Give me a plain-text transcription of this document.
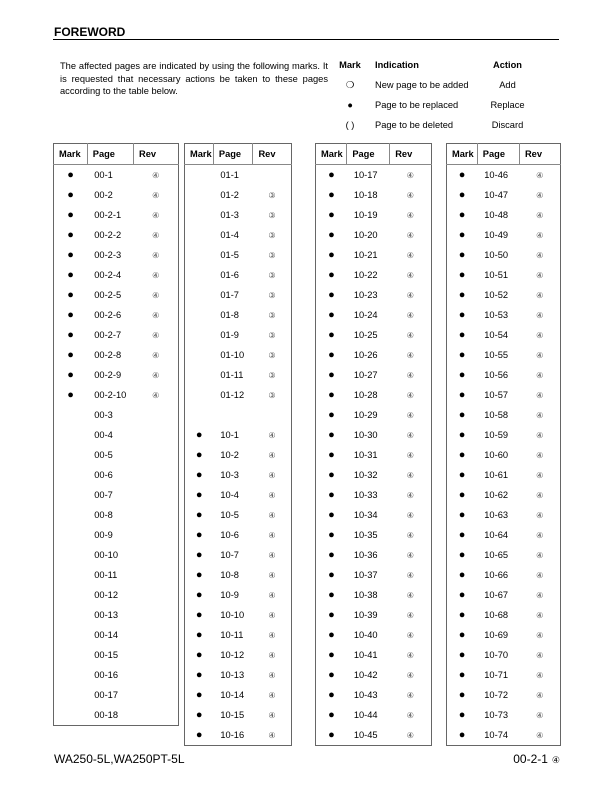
FOREWORD
The affected pages are indicated by using the following marks. It is requested that necessary actions be taken to these pages according to the table below.
Mark	Indication	Action
❍	New page to be added	Add
●	Page to be replaced	Replace
( )	Page to be deleted	Discard
Mark	Page	Rev
●	00-1	④
●	00-2	④
●	00-2-1	④
●	00-2-2	④
●	00-2-3	④
●	00-2-4	④
●	00-2-5	④
●	00-2-6	④
●	00-2-7	④
●	00-2-8	④
●	00-2-9	④
●	00-2-10	④
	00-3	
	00-4	
	00-5	
	00-6	
	00-7	
	00-8	
	00-9	
	00-10	
	00-11	
	00-12	
	00-13	
	00-14	
	00-15	
	00-16	
	00-17	
	00-18	
Mark	Page	Rev
	01-1	
	01-2	③
	01-3	③
	01-4	③
	01-5	③
	01-6	③
	01-7	③
	01-8	③
	01-9	③
	01-10	③
	01-11	③
	01-12	③

●	10-1	④
●	10-2	④
●	10-3	④
●	10-4	④
●	10-5	④
●	10-6	④
●	10-7	④
●	10-8	④
●	10-9	④
●	10-10	④
●	10-11	④
●	10-12	④
●	10-13	④
●	10-14	④
●	10-15	④
●	10-16	④
Mark	Page	Rev
●	10-17	④
●	10-18	④
●	10-19	④
●	10-20	④
●	10-21	④
●	10-22	④
●	10-23	④
●	10-24	④
●	10-25	④
●	10-26	④
●	10-27	④
●	10-28	④
●	10-29	④
●	10-30	④
●	10-31	④
●	10-32	④
●	10-33	④
●	10-34	④
●	10-35	④
●	10-36	④
●	10-37	④
●	10-38	④
●	10-39	④
●	10-40	④
●	10-41	④
●	10-42	④
●	10-43	④
●	10-44	④
●	10-45	④
Mark	Page	Rev
●	10-46	④
●	10-47	④
●	10-48	④
●	10-49	④
●	10-50	④
●	10-51	④
●	10-52	④
●	10-53	④
●	10-54	④
●	10-55	④
●	10-56	④
●	10-57	④
●	10-58	④
●	10-59	④
●	10-60	④
●	10-61	④
●	10-62	④
●	10-63	④
●	10-64	④
●	10-65	④
●	10-66	④
●	10-67	④
●	10-68	④
●	10-69	④
●	10-70	④
●	10-71	④
●	10-72	④
●	10-73	④
●	10-74	④
WA250-5L,WA250PT-5L	00-2-1 ④
